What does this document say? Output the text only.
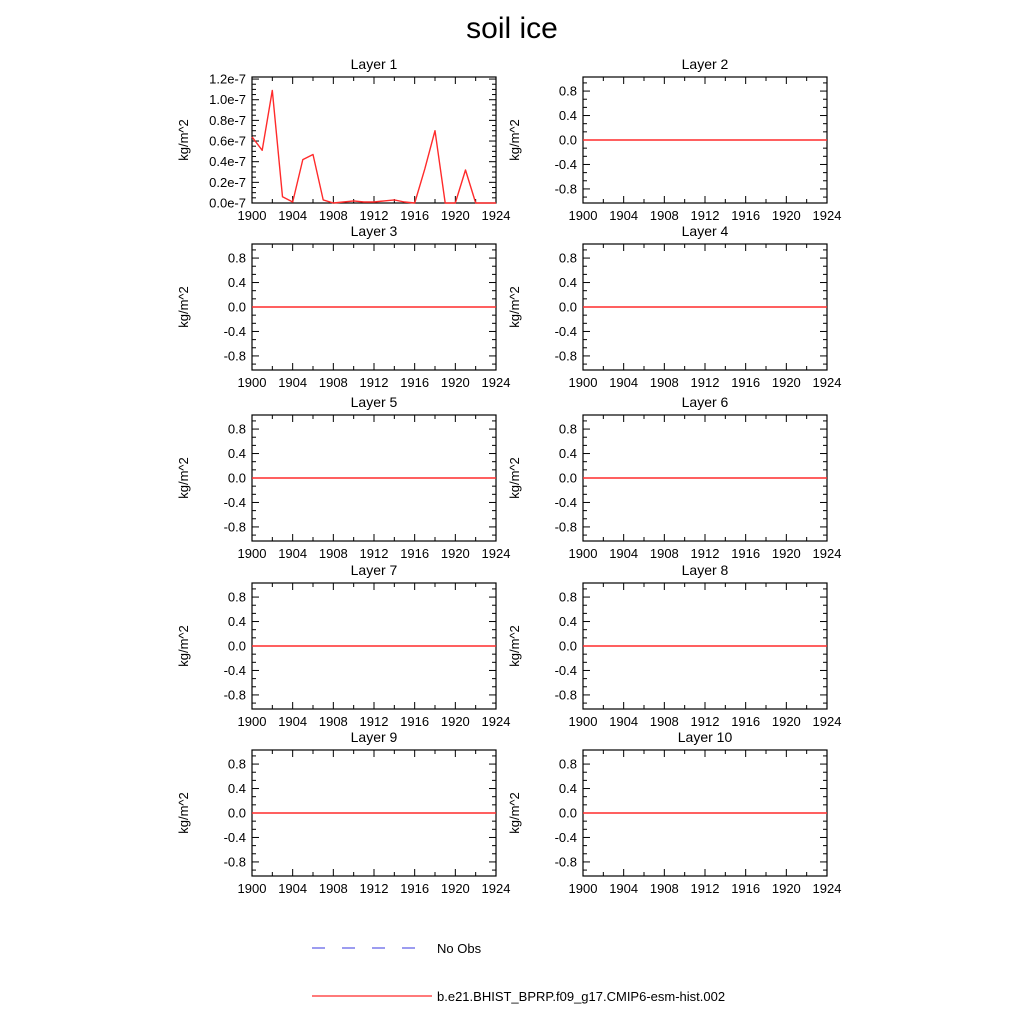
soil ice
Layer 1
kg/m^2
0.0e-7
0.2e-7
0.4e-7
0.6e-7
0.8e-7
1.0e-7
1.2e-7
1900 1904 1908 1912 1916 1920 1924
Layer 2
kg/m^2
-0.8
-0.4
0.0
0.4
0.8
1900 1904 1908 1912 1916 1920 1924
Layer 3
kg/m^2
-0.8
-0.4
0.0
0.4
0.8
1900 1904 1908 1912 1916 1920 1924
Layer 4
kg/m^2
-0.8
-0.4
0.0
0.4
0.8
1900 1904 1908 1912 1916 1920 1924
Layer 5
kg/m^2
-0.8
-0.4
0.0
0.4
0.8
1900 1904 1908 1912 1916 1920 1924
Layer 6
kg/m^2
-0.8
-0.4
0.0
0.4
0.8
1900 1904 1908 1912 1916 1920 1924
Layer 7
kg/m^2
-0.8
-0.4
0.0
0.4
0.8
1900 1904 1908 1912 1916 1920 1924
Layer 8
kg/m^2
-0.8
-0.4
0.0
0.4
0.8
1900 1904 1908 1912 1916 1920 1924
Layer 9
kg/m^2
-0.8
-0.4
0.0
0.4
0.8
1900 1904 1908 1912 1916 1920 1924
Layer 10
kg/m^2
-0.8
-0.4
0.0
0.4
0.8
1900 1904 1908 1912 1916 1920 1924
No Obs
b.e21.BHIST_BPRP.f09_g17.CMIP6-esm-hist.002
